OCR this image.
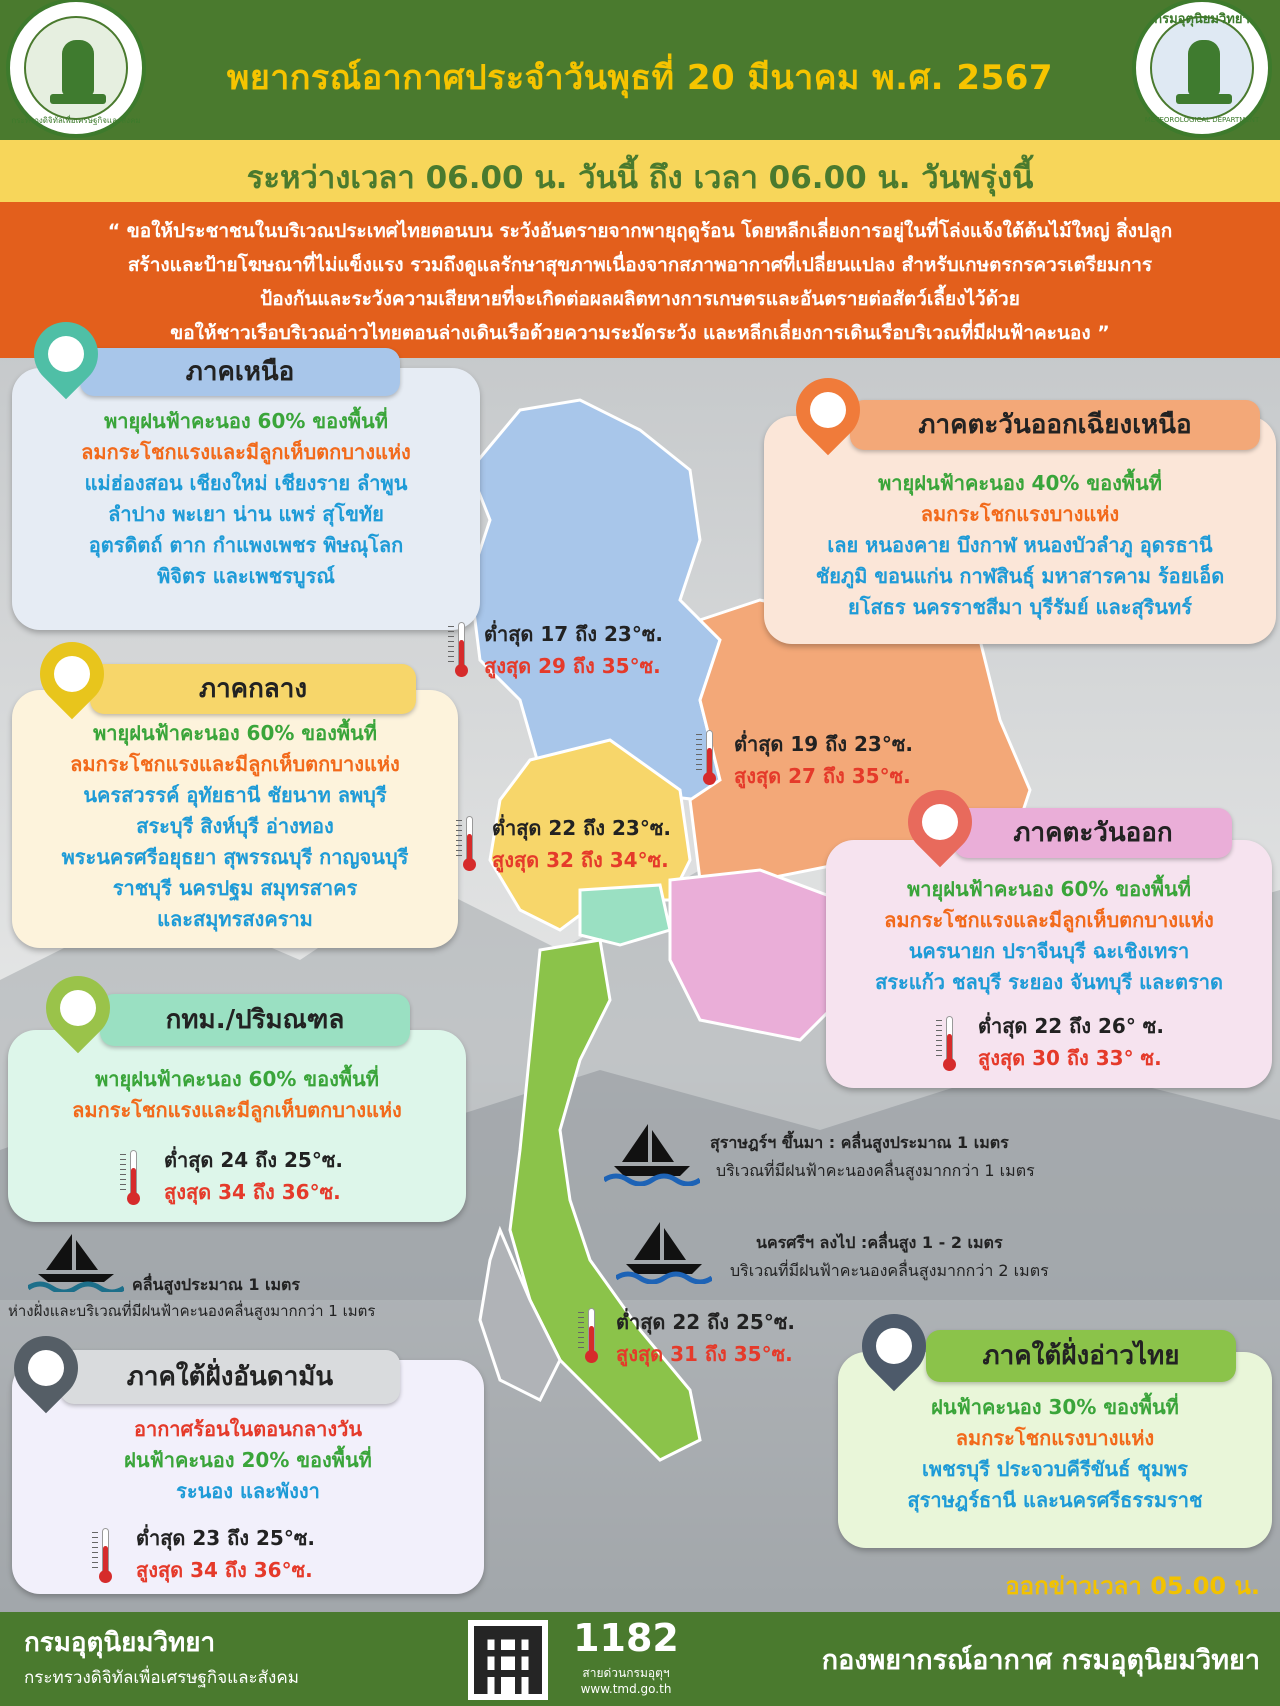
กระทรวงดิจิทัลเพื่อเศรษฐกิจและสังคม
กรมอุตุนิยมวิทยา
METEOROLOGICAL DEPARTMENT
พยากรณ์อากาศประจำวันพุธที่ 20 มีนาคม พ.ศ. 2567
ระหว่างเวลา 06.00 น. วันนี้ ถึง เวลา 06.00 น. วันพรุ่งนี้
“ ขอให้ประชาชนในบริเวณประเทศไทยตอนบน ระวังอันตรายจากพายุฤดูร้อน โดยหลีกเลี่ยงการอยู่ในที่โล่งแจ้งใต้ต้นไม้ใหญ่ สิ่งปลูก
สร้างและป้ายโฆษณาที่ไม่แข็งแรง รวมถึงดูแลรักษาสุขภาพเนื่องจากสภาพอากาศที่เปลี่ยนแปลง สำหรับเกษตรกรควรเตรียมการ
ป้องกันและระวังความเสียหายที่จะเกิดต่อผลผลิตทางการเกษตรและอันตรายต่อสัตว์เลี้ยงไว้ด้วย
ขอให้ชาวเรือบริเวณอ่าวไทยตอนล่างเดินเรือด้วยความระมัดระวัง และหลีกเลี่ยงการเดินเรือบริเวณที่มีฝนฟ้าคะนอง ”
พายุฝนฟ้าคะนอง 60% ของพื้นที่
ลมกระโชกแรงและมีลูกเห็บตกบางแห่ง
แม่ฮ่องสอน เชียงใหม่ เชียงราย ลำพูน
ลำปาง พะเยา น่าน แพร่ สุโขทัย
อุตรดิตถ์ ตาก กำแพงเพชร พิษณุโลก
พิจิตร และเพชรบูรณ์
ภาคเหนือ
พายุฝนฟ้าคะนอง 40% ของพื้นที่
ลมกระโชกแรงบางแห่ง
เลย หนองคาย บึงกาฬ หนองบัวลำภู อุดรธานี
ชัยภูมิ ขอนแก่น กาฬสินธุ์ มหาสารคาม ร้อยเอ็ด
ยโสธร นครราชสีมา บุรีรัมย์ และสุรินทร์
ภาคตะวันออกเฉียงเหนือ
พายุฝนฟ้าคะนอง 60% ของพื้นที่
ลมกระโชกแรงและมีลูกเห็บตกบางแห่ง
นครสวรรค์ อุทัยธานี ชัยนาท ลพบุรี
สระบุรี สิงห์บุรี อ่างทอง
พระนครศรีอยุธยา สุพรรณบุรี กาญจนบุรี
ราชบุรี นครปฐม สมุทรสาคร
และสมุทรสงคราม
ภาคกลาง
พายุฝนฟ้าคะนอง 60% ของพื้นที่
ลมกระโชกแรงและมีลูกเห็บตกบางแห่ง
นครนายก ปราจีนบุรี ฉะเชิงเทรา
สระแก้ว ชลบุรี ระยอง จันทบุรี และตราด
ต่ำสุด 22 ถึง 26° ซ.
สูงสุด 30 ถึง 33° ซ.
ภาคตะวันออก
พายุฝนฟ้าคะนอง 60% ของพื้นที่
ลมกระโชกแรงและมีลูกเห็บตกบางแห่ง
ต่ำสุด 24 ถึง 25°ซ.
สูงสุด 34 ถึง 36°ซ.
กทม./ปริมณฑล
อากาศร้อนในตอนกลางวัน
ฝนฟ้าคะนอง 20% ของพื้นที่
ระนอง และพังงา
ต่ำสุด 23 ถึง 25°ซ.
สูงสุด 34 ถึง 36°ซ.
ภาคใต้ฝั่งอันดามัน
ฝนฟ้าคะนอง 30% ของพื้นที่
ลมกระโชกแรงบางแห่ง
เพชรบุรี ประจวบคีรีขันธ์ ชุมพร
สุราษฎร์ธานี และนครศรีธรรมราช
ภาคใต้ฝั่งอ่าวไทย
ต่ำสุด 17 ถึง 23°ซ.
สูงสุด 29 ถึง 35°ซ.
ต่ำสุด 19 ถึง 23°ซ.
สูงสุด 27 ถึง 35°ซ.
ต่ำสุด 22 ถึง 23°ซ.
สูงสุด 32 ถึง 34°ซ.
ต่ำสุด 22 ถึง 25°ซ.
สูงสุด 31 ถึง 35°ซ.
สุราษฎร์ฯ ขึ้นมา : คลื่นสูงประมาณ 1 เมตร
บริเวณที่มีฝนฟ้าคะนองคลื่นสูงมากกว่า 1 เมตร
นครศรีฯ ลงไป :คลื่นสูง 1 - 2 เมตร
บริเวณที่มีฝนฟ้าคะนองคลื่นสูงมากกว่า 2 เมตร
คลื่นสูงประมาณ 1 เมตร
ห่างฝั่งและบริเวณที่มีฝนฟ้าคะนองคลื่นสูงมากกว่า 1 เมตร
ออกข่าวเวลา 05.00 น.
กรมอุตุนิยมวิทยา
กระทรวงดิจิทัลเพื่อเศรษฐกิจและสังคม
1182
สายด่วนกรมอุตุฯ
www.tmd.go.th
กองพยากรณ์อากาศ กรมอุตุนิยมวิทยา
